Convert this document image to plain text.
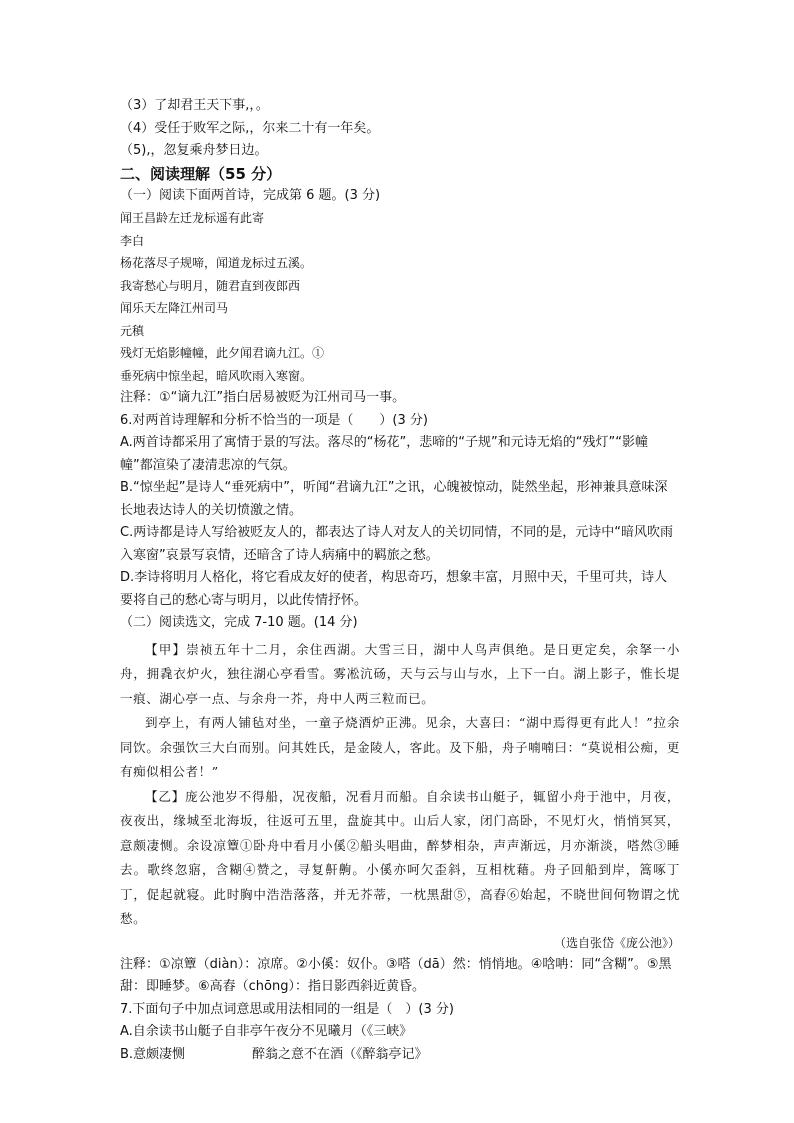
（3）了却君王天下事,，。
（4）受任于败军之际,，尔来二十有一年矣。
（5),，忽复乘舟梦日边。
二、阅读理解（55 分）
（一）阅读下面两首诗，完成第 6 题。(3 分)
闻王昌龄左迁龙标遥有此寄
李白
杨花落尽子规啼，闻道龙标过五溪。
我寄愁心与明月，随君直到夜郎西
闻乐天左降江州司马
元稹
残灯无焰影幢幢，此夕闻君谪九江。①
垂死病中惊坐起，暗风吹雨入寒窗。
注释：①“谪九江”指白居易被贬为江州司马一事。
6.对两首诗理解和分析不恰当的一项是（　　）(3 分)
A.两首诗都采用了寓情于景的写法。落尽的“杨花”，悲啼的“子规”和元诗无焰的“残灯”“影幢幢”都渲染了凄清悲凉的气氛。
B.“惊坐起”是诗人“垂死病中”，听闻“君谪九江”之讯，心魄被惊动，陡然坐起，形神兼具意味深长地表达诗人的关切愤激之情。
C.两诗都是诗人写给被贬友人的，都表达了诗人对友人的关切同情，不同的是，元诗中“暗风吹雨入寒窗”哀景写哀情，还暗含了诗人病痛中的羁旅之愁。
D.李诗将明月人格化，将它看成友好的使者，构思奇巧，想象丰富，月照中天，千里可共，诗人要将自己的愁心寄与明月，以此传情抒怀。
（二）阅读选文，完成 7-10 题。(14 分)
【甲】崇祯五年十二月，余住西湖。大雪三日，湖中人鸟声俱绝。是日更定矣，余拏一小舟，拥毳衣炉火，独往湖心亭看雪。雾凇沆砀，天与云与山与水，上下一白。湖上影子，惟长堤一痕、湖心亭一点、与余舟一芥，舟中人两三粒而已。
到亭上，有两人铺毡对坐，一童子烧酒炉正沸。见余，大喜曰：“湖中焉得更有此人！”拉余同饮。余强饮三大白而别。问其姓氏，是金陵人，客此。及下船，舟子喃喃曰：“莫说相公痴，更有痴似相公者！”
【乙】庞公池岁不得船，况夜船，况看月而船。自余读书山艇子，辄留小舟于池中，月夜，夜夜出，缘城至北海坂，往返可五里，盘旋其中。山后人家，闭门高卧，不见灯火，悄悄冥冥，意颇凄恻。余设凉簟①卧舟中看月小傒②船头唱曲，醉梦相杂，声声渐远，月亦渐淡，嗒然③睡去。歌终忽寤，含糊④赞之，寻复鼾齁。小傒亦呵欠歪斜，互相枕藉。舟子回船到岸，篙啄丁丁，促起就寝。此时胸中浩浩落落，并无芥蒂，一枕黑甜⑤，高舂⑥始起，不晓世间何物谓之忧愁。
（选自张岱《庞公池》）
注释：①凉簟（diàn）：凉席。②小傒：奴仆。③嗒（dā）然：悄悄地。④唅呥：同“含糊”。⑤黑甜：即睡梦。⑥高舂（chōng）：指日影西斜近黄昏。
7.下面句子中加点词意思或用法相同的一组是（　）(3 分)
A.自余读书山艇子自非亭午夜分不见曦月（《三峡》
B.意颇凄恻	醉翁之意不在酒（《醉翁亭记》
